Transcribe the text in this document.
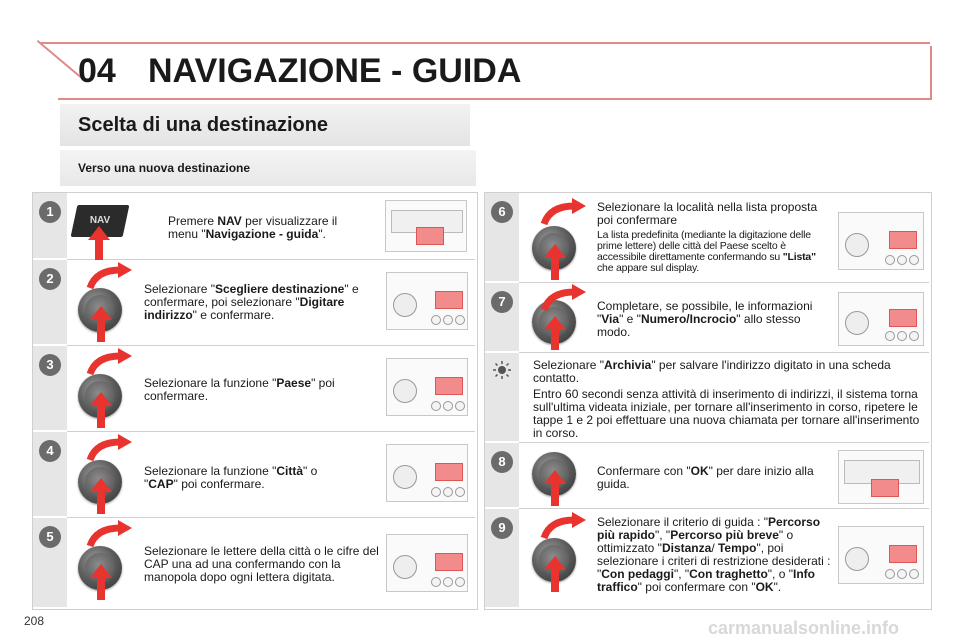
04 NAVIGAZIONE - GUIDA
Scelta di una destinazione
Verso una nuova destinazione
1
2
3
4
5
NAV	Premere NAV per visualizzare il menu "Navigazione - guida".
Selezionare "Scegliere destinazione" e confermare, poi selezionare "Digitare indirizzo" e confermare.
Selezionare la funzione "Paese" poi confermare.
Selezionare la funzione "Città" o "CAP" poi confermare.
Selezionare le lettere della città o le cifre del CAP una ad una confermando con la manopola dopo ogni lettera digitata.
6
7
8
9
Selezionare la località nella lista proposta poi confermare
La lista predefinita (mediante la digitazione delle prime lettere) delle città del Paese scelto è accessibile direttamente confermando su "Lista" che appare sul display.
Completare, se possibile, le informazioni "Via" e "Numero/Incrocio" allo stesso modo.
Selezionare "Archivia" per salvare l'indirizzo digitato in una scheda contatto.
Entro 60 secondi senza attività di inserimento di indirizzi, il sistema torna sull'ultima videata iniziale, per tornare all'inserimento in corso, ripetere le tappe 1 e 2 poi effettuare una nuova chiamata per tornare all'inserimento in corso.
Confermare con "OK" per dare inizio alla guida.
Selezionare il criterio di guida : "Percorso più rapido", "Percorso più breve" o ottimizzato "Distanza/ Tempo", poi selezionare i criteri di restrizione desiderati : "Con pedaggi", "Con traghetto", o "Info traffico" poi confermare con "OK".
208	carmanualsonline.info
